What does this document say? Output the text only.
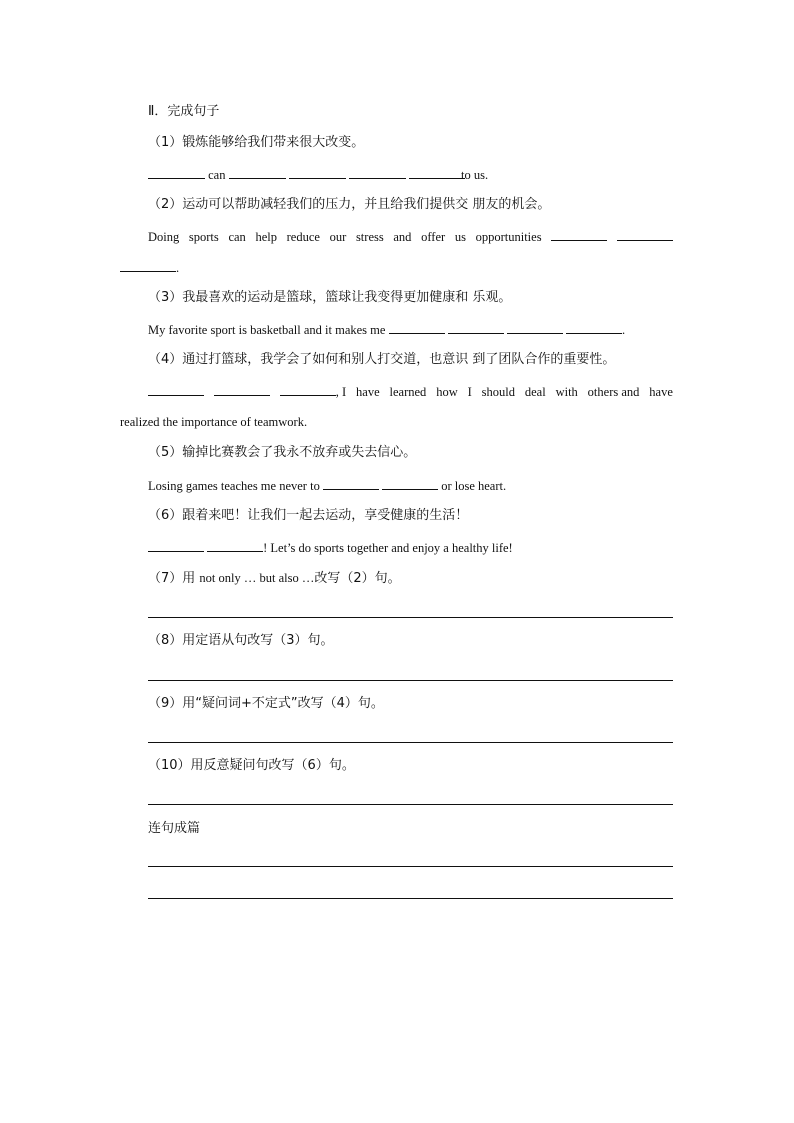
Ⅱ．完成句子
（1）锻炼能够给我们带来很大改变。
can	to us.
（2）运动可以帮助减轻我们的压力，并且给我们提供交 朋友的机会。
Doing sports can help reduce our stress and offer us opportunities
.
（3）我最喜欢的运动是篮球，篮球让我变得更加健康和 乐观。
My favorite sport is basketball and it makes me	.
（4）通过打篮球，我学会了如何和别人打交道，也意识 到了团队合作的重要性。
, I have learned how I should deal with others and have
realized the importance of teamwork.
（5）输掉比赛教会了我永不放弃或失去信心。
Losing games teaches me never to	or lose heart.
（6）跟着来吧！让我们一起去运动，享受健康的生活！
! Let’s do sports together and enjoy a healthy life!
（7）用 not only … but also …改写（2）句。
（8）用定语从句改写（3）句。
（9）用“疑问词+不定式”改写（4）句。
（10）用反意疑问句改写（6）句。
连句成篇
